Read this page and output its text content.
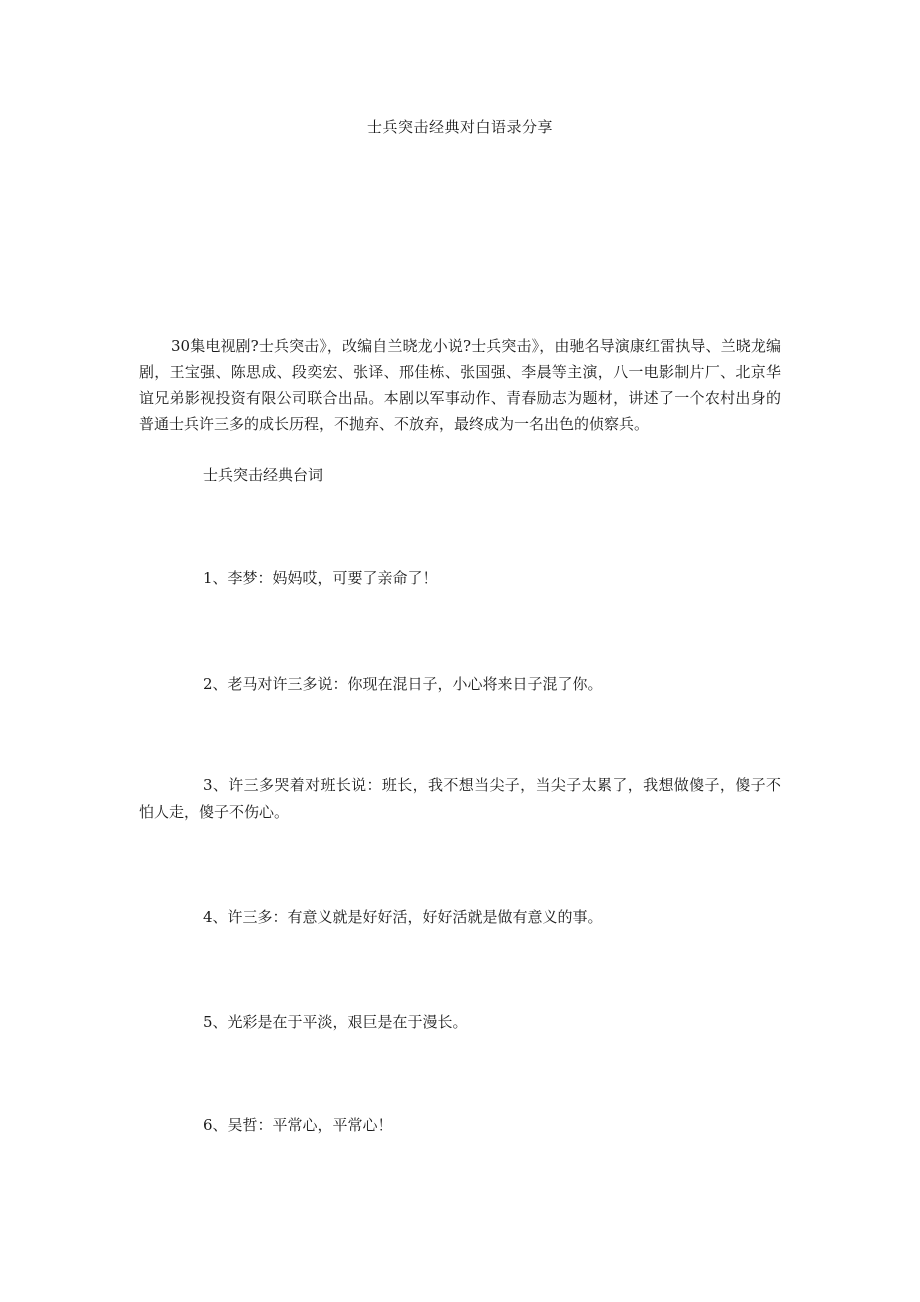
士兵突击经典对白语录分享

30集电视剧?士兵突击》，改编自兰晓龙小说?士兵突击》，由驰名导演康红雷执导、兰晓龙编剧，王宝强、陈思成、段奕宏、张译、邢佳栋、张国强、李晨等主演，八一电影制片厂、北京华谊兄弟影视投资有限公司联合出品。本剧以军事动作、青春励志为题材，讲述了一个农村出身的普通士兵许三多的成长历程，不抛弃、不放弃，最终成为一名出色的侦察兵。

士兵突击经典台词

1、李梦：妈妈哎，可要了亲命了！

2、老马对许三多说：你现在混日子，小心将来日子混了你。

3、许三多哭着对班长说：班长，我不想当尖子，当尖子太累了，我想做傻子，傻子不怕人走，傻子不伤心。

4、许三多：有意义就是好好活，好好活就是做有意义的事。

5、光彩是在于平淡，艰巨是在于漫长。

6、吴哲：平常心，平常心！
